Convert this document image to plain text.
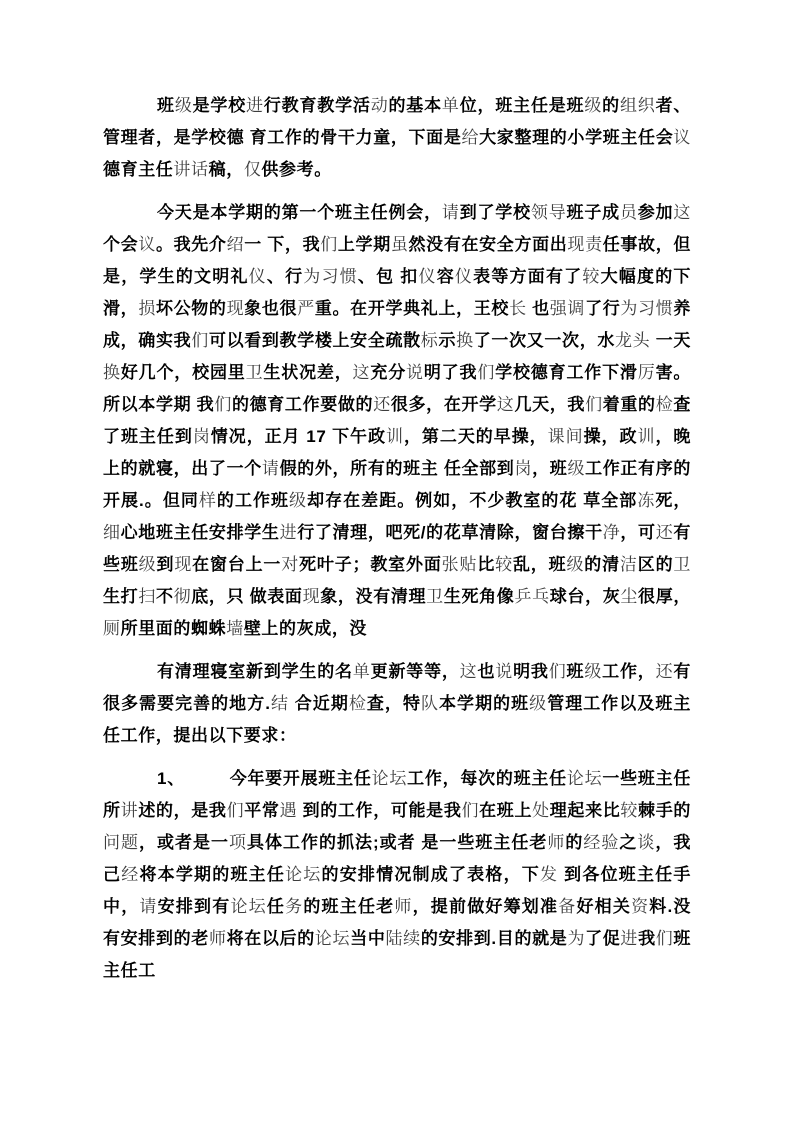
班级是学校进行教育教学活动的基本单位，班主任是班级的组织者、管理者，是学校德 育工作的骨干力童，下面是给大家整理的小学班主任会议德育主任讲话稿，仅供参考。

今天是本学期的第一个班主任例会，请到了学校领导班子成员参加这个会议。我先介绍一 下，我们上学期虽然没有在安全方面出现责任事故，但是，学生的文明礼仪、行为习惯、包 扣仪容仪表等方面有了较大幅度的下滑，损坏公物的现象也很严重。在开学典礼上，王校长 也强调了行为习惯养成，确实我们可以看到教学楼上安全疏散标示换了一次又一次，水龙头 一天换好几个，校园里卫生状况差，这充分说明了我们学校德育工作下滑厉害。所以本学期 我们的德育工作要做的还很多，在开学这几天，我们着重的检查了班主任到岗情况，正月 17 下午政训，第二天的早操，课间操，政训，晚上的就寝，出了一个请假的外，所有的班主 任全部到岗，班级工作正有序的开展.。但同样的工作班级却存在差距。例如，不少教室的花 草全部冻死，细心地班主任安排学生进行了清理，吧死/的花草清除，窗台擦干净，可还有 些班级到现在窗台上一对死叶子；教室外面张贴比较乱，班级的清洁区的卫生打扫不彻底，只 做表面现象，没有清理卫生死角像乒乓球台，灰尘很厚，厕所里面的蜘蛛墙壁上的灰成，没

有清理寝室新到学生的名单更新等等，这也说明我们班级工作，还有很多需要完善的地方.结 合近期检查，特队本学期的班级管理工作以及班主任工作，提出以下要求：

1、　　　今年要开展班主任论坛工作，每次的班主任论坛一些班主任所讲述的，是我们平常遇 到的工作，可能是我们在班上处理起来比较棘手的问题，或者是一项具体工作的抓法;或者 是一些班主任老师的经验之谈，我己经将本学期的班主任论坛的安排情况制成了表格，下发 到各位班主任手中，请安排到有论坛任务的班主任老师，提前做好筹划准备好相关资料.没 有安排到的老师将在以后的论坛当中陆续的安排到.目的就是为了促进我们班主任工
